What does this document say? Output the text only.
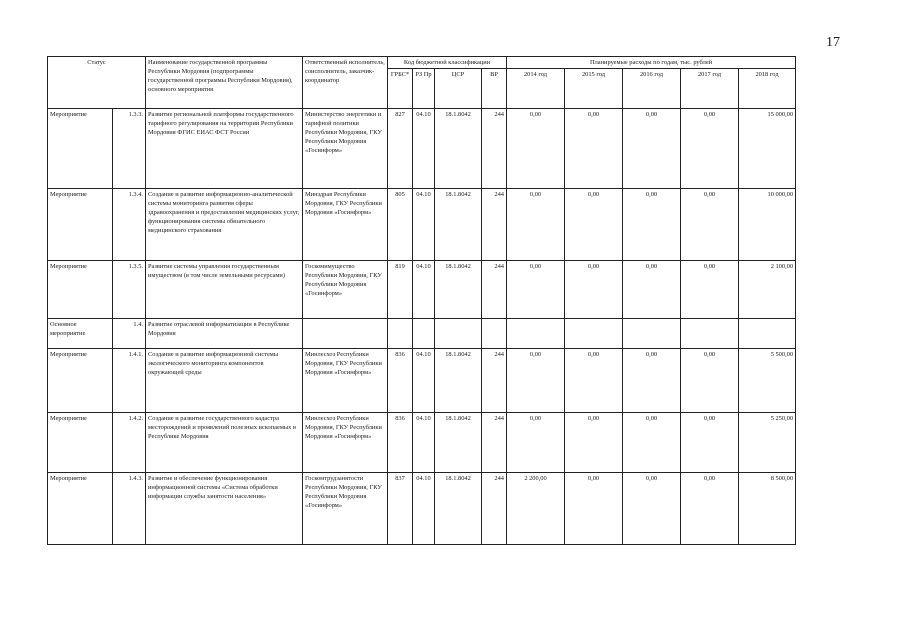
17
Статус		Наименование государственной программы Республики Мордовия (подпрограммы государственной программы Республики Мордовия), основного мероприятия	Ответственный исполнитель, соисполнитель, заказчик-координатор	Код бюджетной классификации				Планируемые расходы по годам, тыс. рублей				
				ГРБС*	РЗ Пр	ЦСР	ВР	2014 год	2015 год	2016 год	2017 год	2018 год
Мероприятие	1.3.3.	Развитие региональной платформы государственного тарифного регулирования на территории Республики Мордовия ФГИС ЕИАС ФСТ России	Министерство энергетики и тарифной политики Республики Мордовия, ГКУ Республики Мордовия «Госинформ»	827	04.10	18.1.8042	244	0,00	0,00	0,00	0,00	15 000,00
Мероприятие	1.3.4.	Создание и развитие информационно-аналитической системы мониторинга развития сферы здравоохранения и предоставления медицинских услуг, функционирования системы обязательного медицинского страхования	Минздрав Республики Мордовия, ГКУ Республики Мордовия «Госинформ»	805	04.10	18.1.8042	244	0,00	0,00	0,00	0,00	10 000,00
Мероприятие	1.3.5.	Развитие системы управления государственным имуществом (в том числе земельными ресурсами)	Госкомимущество Республики Мордовия, ГКУ Республики Мордовия «Госинформ»	819	04.10	18.1.8042	244	0,00	0,00	0,00	0,00	2 100,00
Основное мероприятие	1.4.	Развитие отраслевой информатизации в Республике Мордовия										
Мероприятие	1.4.1.	Создание и развитие информационной системы экологического мониторинга компонентов окружающей среды	Минлесхоз Республики Мордовия, ГКУ Республики Мордовия «Госинформ»	836	04.10	18.1.8042	244	0,00	0,00	0,00	0,00	5 500,00
Мероприятие	1.4.2.	Создание и развитие государственного кадастра месторождений и проявлений полезных ископаемых в Республике Мордовия	Минлесхоз Республики Мордовия, ГКУ Республики Мордовия «Госинформ»	836	04.10	18.1.8042	244	0,00	0,00	0,00	0,00	5 250,00
Мероприятие	1.4.3.	Развитие и обеспечение функционирования информационной системы «Система обработки информации службы занятости населения»	Госкомтрудзанятости Республики Мордовия, ГКУ Республики Мордовия «Госинформ»	837	04.10	18.1.8042	244	2 200,00	0,00	0,00	0,00	8 500,00
